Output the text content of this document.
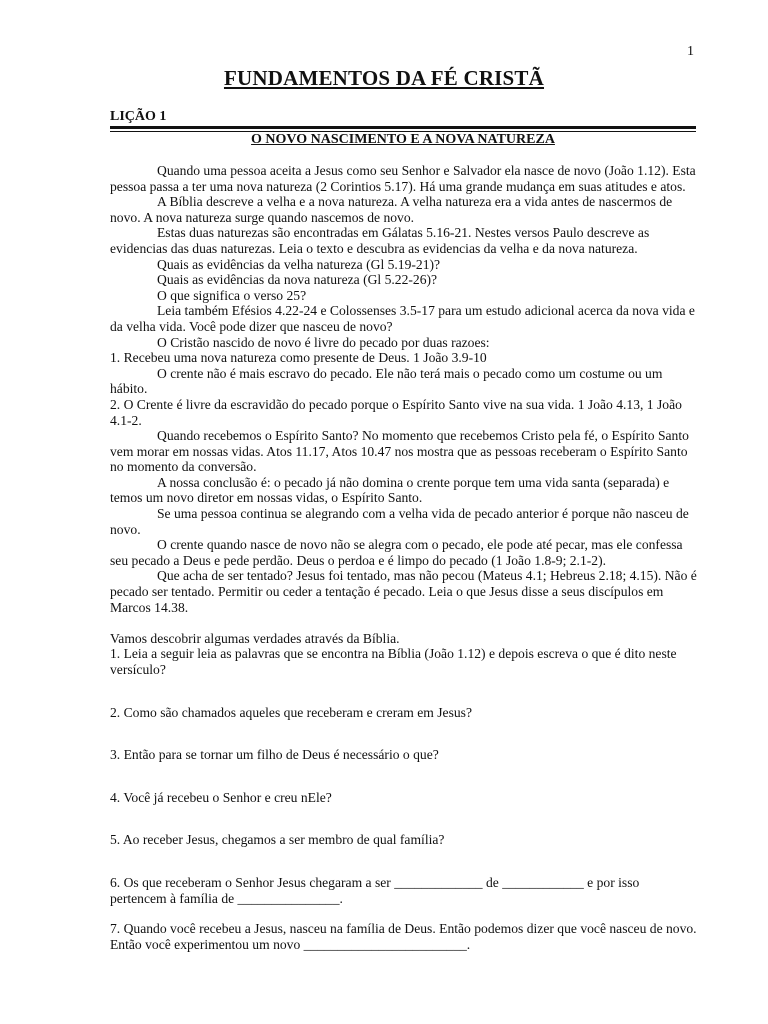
1
FUNDAMENTOS DA FÉ CRISTÃ
LIÇÃO 1
O NOVO NASCIMENTO E A NOVA NATUREZA

Quando uma pessoa aceita a Jesus como seu Senhor e Salvador ela nasce de novo (João 1.12). Esta pessoa passa a ter uma nova natureza (2 Corintios 5.17). Há uma grande mudança em suas atitudes e atos.

A Bíblia descreve a velha e a nova natureza. A velha natureza era a vida antes de nascermos de novo. A nova natureza surge quando nascemos de novo.

Estas duas naturezas são encontradas em Gálatas 5.16-21. Nestes versos Paulo descreve as evidencias das duas naturezas. Leia o texto e descubra as evidencias da velha e da nova natureza.

Quais as evidências da velha natureza (Gl 5.19-21)?

Quais as evidências da nova natureza (Gl 5.22-26)?

O que significa o verso 25?

Leia também Efésios 4.22-24 e Colossenses 3.5-17 para um estudo adicional acerca da nova vida e da velha vida. Você pode dizer que nasceu de novo?

O Cristão nascido de novo é livre do pecado por duas razoes:

1. Recebeu uma nova natureza como presente de Deus. 1 João 3.9-10

O crente não é mais escravo do pecado. Ele não terá mais o pecado como um costume ou um hábito.

2. O Crente é livre da escravidão do pecado porque o Espírito Santo vive na sua vida. 1 João 4.13, 1 João 4.1-2.

Quando recebemos o Espírito Santo? No momento que recebemos Cristo pela fé, o Espírito Santo vem morar em nossas vidas. Atos 11.17, Atos 10.47 nos mostra que as pessoas receberam o Espírito Santo no momento da conversão.

A nossa conclusão é: o pecado já não domina o crente porque tem uma vida santa (separada) e temos um novo diretor em nossas vidas, o Espírito Santo.

Se uma pessoa continua se alegrando com a velha vida de pecado anterior é porque não nasceu de novo.

O crente quando nasce de novo não se alegra com o pecado, ele pode até pecar, mas ele confessa seu pecado a Deus e pede perdão. Deus o perdoa e é limpo do pecado (1 João 1.8-9; 2.1-2).

Que acha de ser tentado? Jesus foi tentado, mas não pecou (Mateus 4.1; Hebreus 2.18; 4.15). Não é pecado ser tentado. Permitir ou ceder a tentação é pecado. Leia o que Jesus disse a seus discípulos em Marcos 14.38.

Vamos descobrir algumas verdades através da Bíblia.

1. Leia a seguir leia as palavras que se encontra na Bíblia (João 1.12) e depois escreva o que é dito neste versículo?

2. Como são chamados aqueles que receberam e creram em Jesus?

3. Então para se tornar um filho de Deus é necessário o que?

4. Você já recebeu o Senhor e creu nEle?

5. Ao receber Jesus, chegamos a ser membro de qual família?

6. Os que receberam o Senhor Jesus chegaram a ser _____________ de ____________ e por isso pertencem à família de _______________.

7. Quando você recebeu a Jesus, nasceu na família de Deus. Então podemos dizer que você nasceu de novo. Então você experimentou um novo ________________________.
